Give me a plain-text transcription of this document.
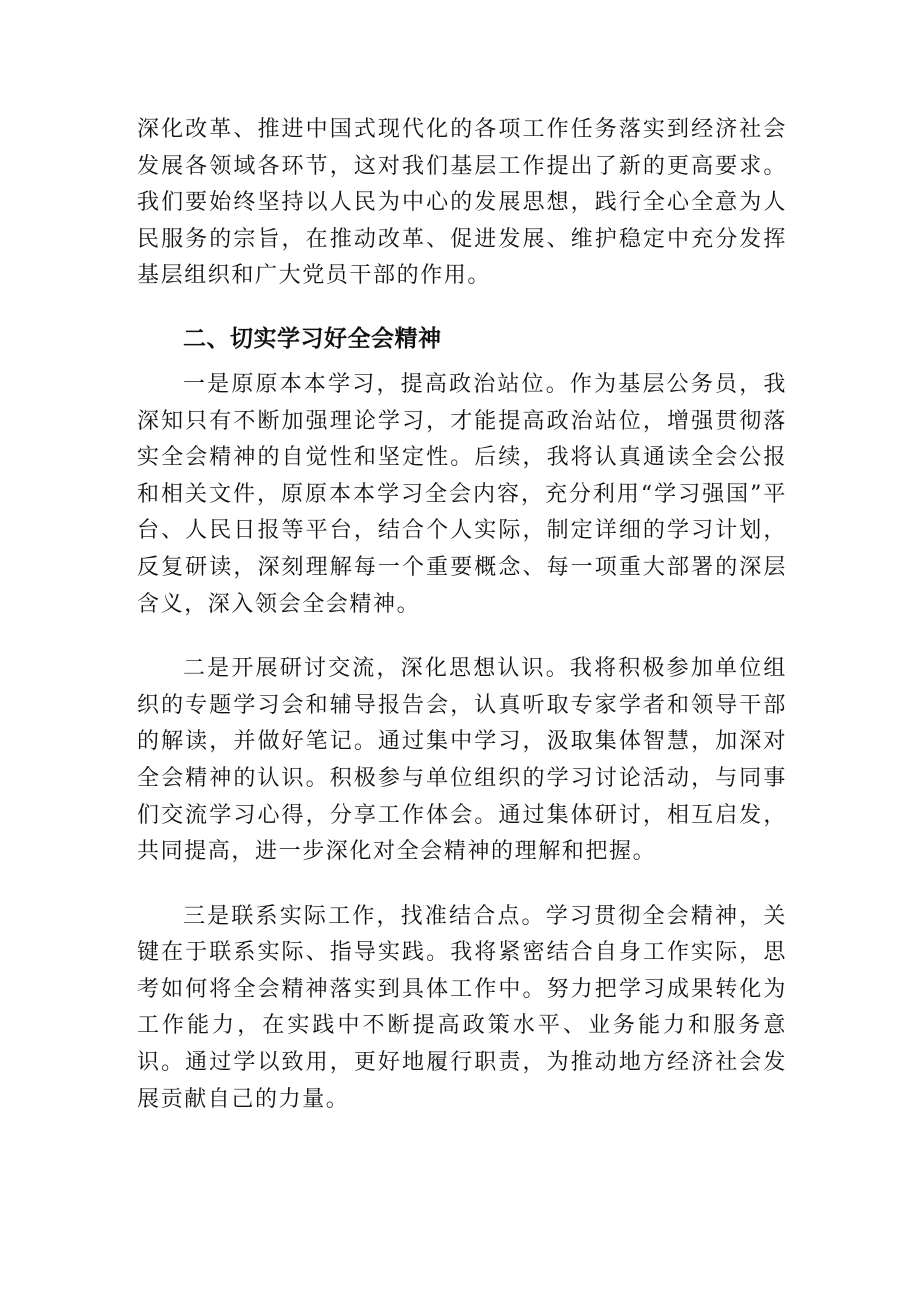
深化改革、推进中国式现代化的各项工作任务落实到经济社会发展各领域各环节，这对我们基层工作提出了新的更高要求。我们要始终坚持以人民为中心的发展思想，践行全心全意为人民服务的宗旨，在推动改革、促进发展、维护稳定中充分发挥基层组织和广大党员干部的作用。

二、切实学习好全会精神

一是原原本本学习，提高政治站位。作为基层公务员，我深知只有不断加强理论学习，才能提高政治站位，增强贯彻落实全会精神的自觉性和坚定性。后续，我将认真通读全会公报和相关文件，原原本本学习全会内容，充分利用“学习强国”平台、人民日报等平台，结合个人实际，制定详细的学习计划，反复研读，深刻理解每一个重要概念、每一项重大部署的深层含义，深入领会全会精神。

二是开展研讨交流，深化思想认识。我将积极参加单位组织的专题学习会和辅导报告会，认真听取专家学者和领导干部的解读，并做好笔记。通过集中学习，汲取集体智慧，加深对全会精神的认识。积极参与单位组织的学习讨论活动，与同事们交流学习心得，分享工作体会。通过集体研讨，相互启发，共同提高，进一步深化对全会精神的理解和把握。

三是联系实际工作，找准结合点。学习贯彻全会精神，关键在于联系实际、指导实践。我将紧密结合自身工作实际，思考如何将全会精神落实到具体工作中。努力把学习成果转化为工作能力，在实践中不断提高政策水平、业务能力和服务意识。通过学以致用，更好地履行职责，为推动地方经济社会发展贡献自己的力量。
